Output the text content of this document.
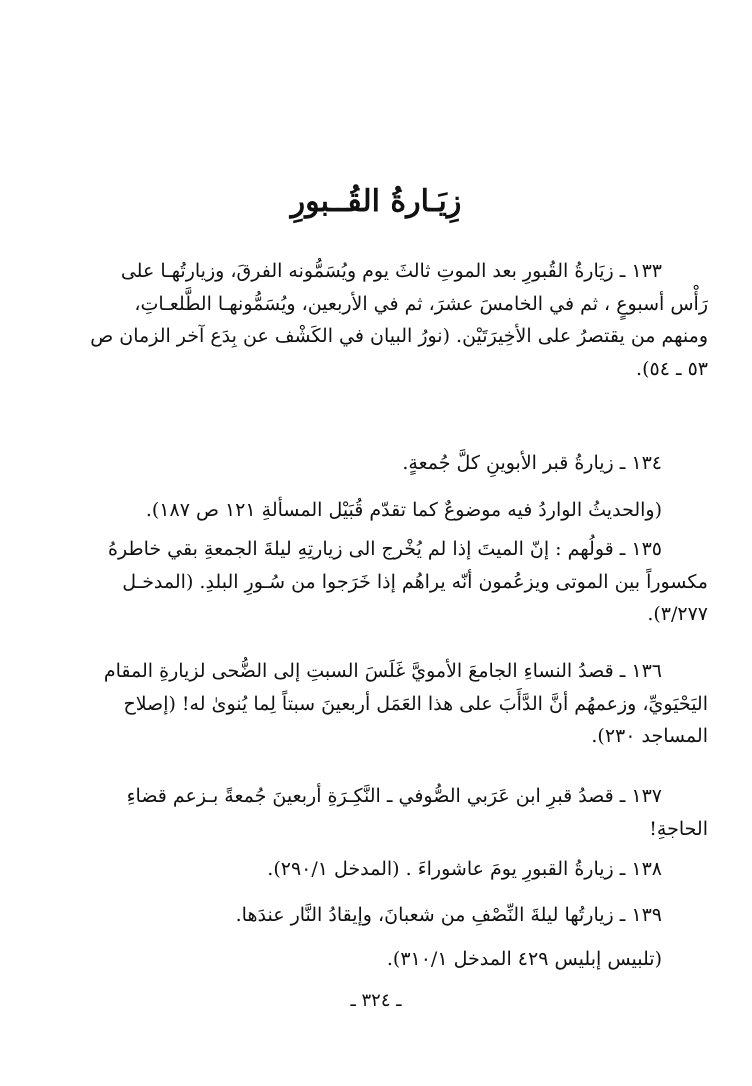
زِيَـارةُ القُــبورِ

١٣٣ ـ زيَارةُ القُبورِ بعد الموتِ ثالثَ يوم ويُسَمُّونه الفرقَ، وزيارتُهـا على

رَأْس أسبوعٍ ، ثم في الخامسَ عشرَ، ثم في الأربعين، ويُسَمُّونهـا الطَّلعـاتِ،

ومنهم من يقتصرُ على الأخِيرَتَيْن. (نورُ البيان في الكَشْف عن بِدَع آخر الزمان ص

٥٣ ـ ٥٤).

١٣٤ ـ زيارةُ قبر الأبوينِ كلَّ جُمعةٍ.

(والحديثُ الواردُ فيه موضوعٌ كما تقدّم قُبَيْل المسألةِ ١٢١ ص ١٨٧).

١٣٥ ـ قولُهم : إنّ الميتَ إذا لم يُخْرج الى زيارتِهِ ليلةَ الجمعةِ بقي خاطرهُ

مكسوراً بين الموتى ويزعُمون أنّه يراهُم إذا خَرَجوا من سُـورِ البلدِ. (المدخـل

٣/٢٧٧).

١٣٦ ـ قصدُ النساءِ الجامعَ الأمويَّ غَلَسَ السبتِ إلى الضُّحى لزيارةِ المقام

اليَحْيَويِّ، وزعمهُم أنَّ الدَّأَبَ على هذا العَمَل أربعينَ سبتاً لِما يُنوىٰ له! (إصلاح

المساجد ٢٣٠).

١٣٧ ـ قصدُ قبرِ ابن عَرَبي الصُّوفي ـ النَّكِـرَةِ أربعينَ جُمعةً بـزعم قضاءِ

الحاجةِ!

١٣٨ ـ زيارةُ القبورِ يومَ عاشوراءَ . (المدخل ٢٩٠/١).

١٣٩ ـ زيارتُها ليلةَ النِّصْفِ من شعبانَ، وإيقادُ النَّار عندَها.

(تلبيس إبليس ٤٢٩ المدخل ٣١٠/١).

ـ ٣٢٤ ـ
